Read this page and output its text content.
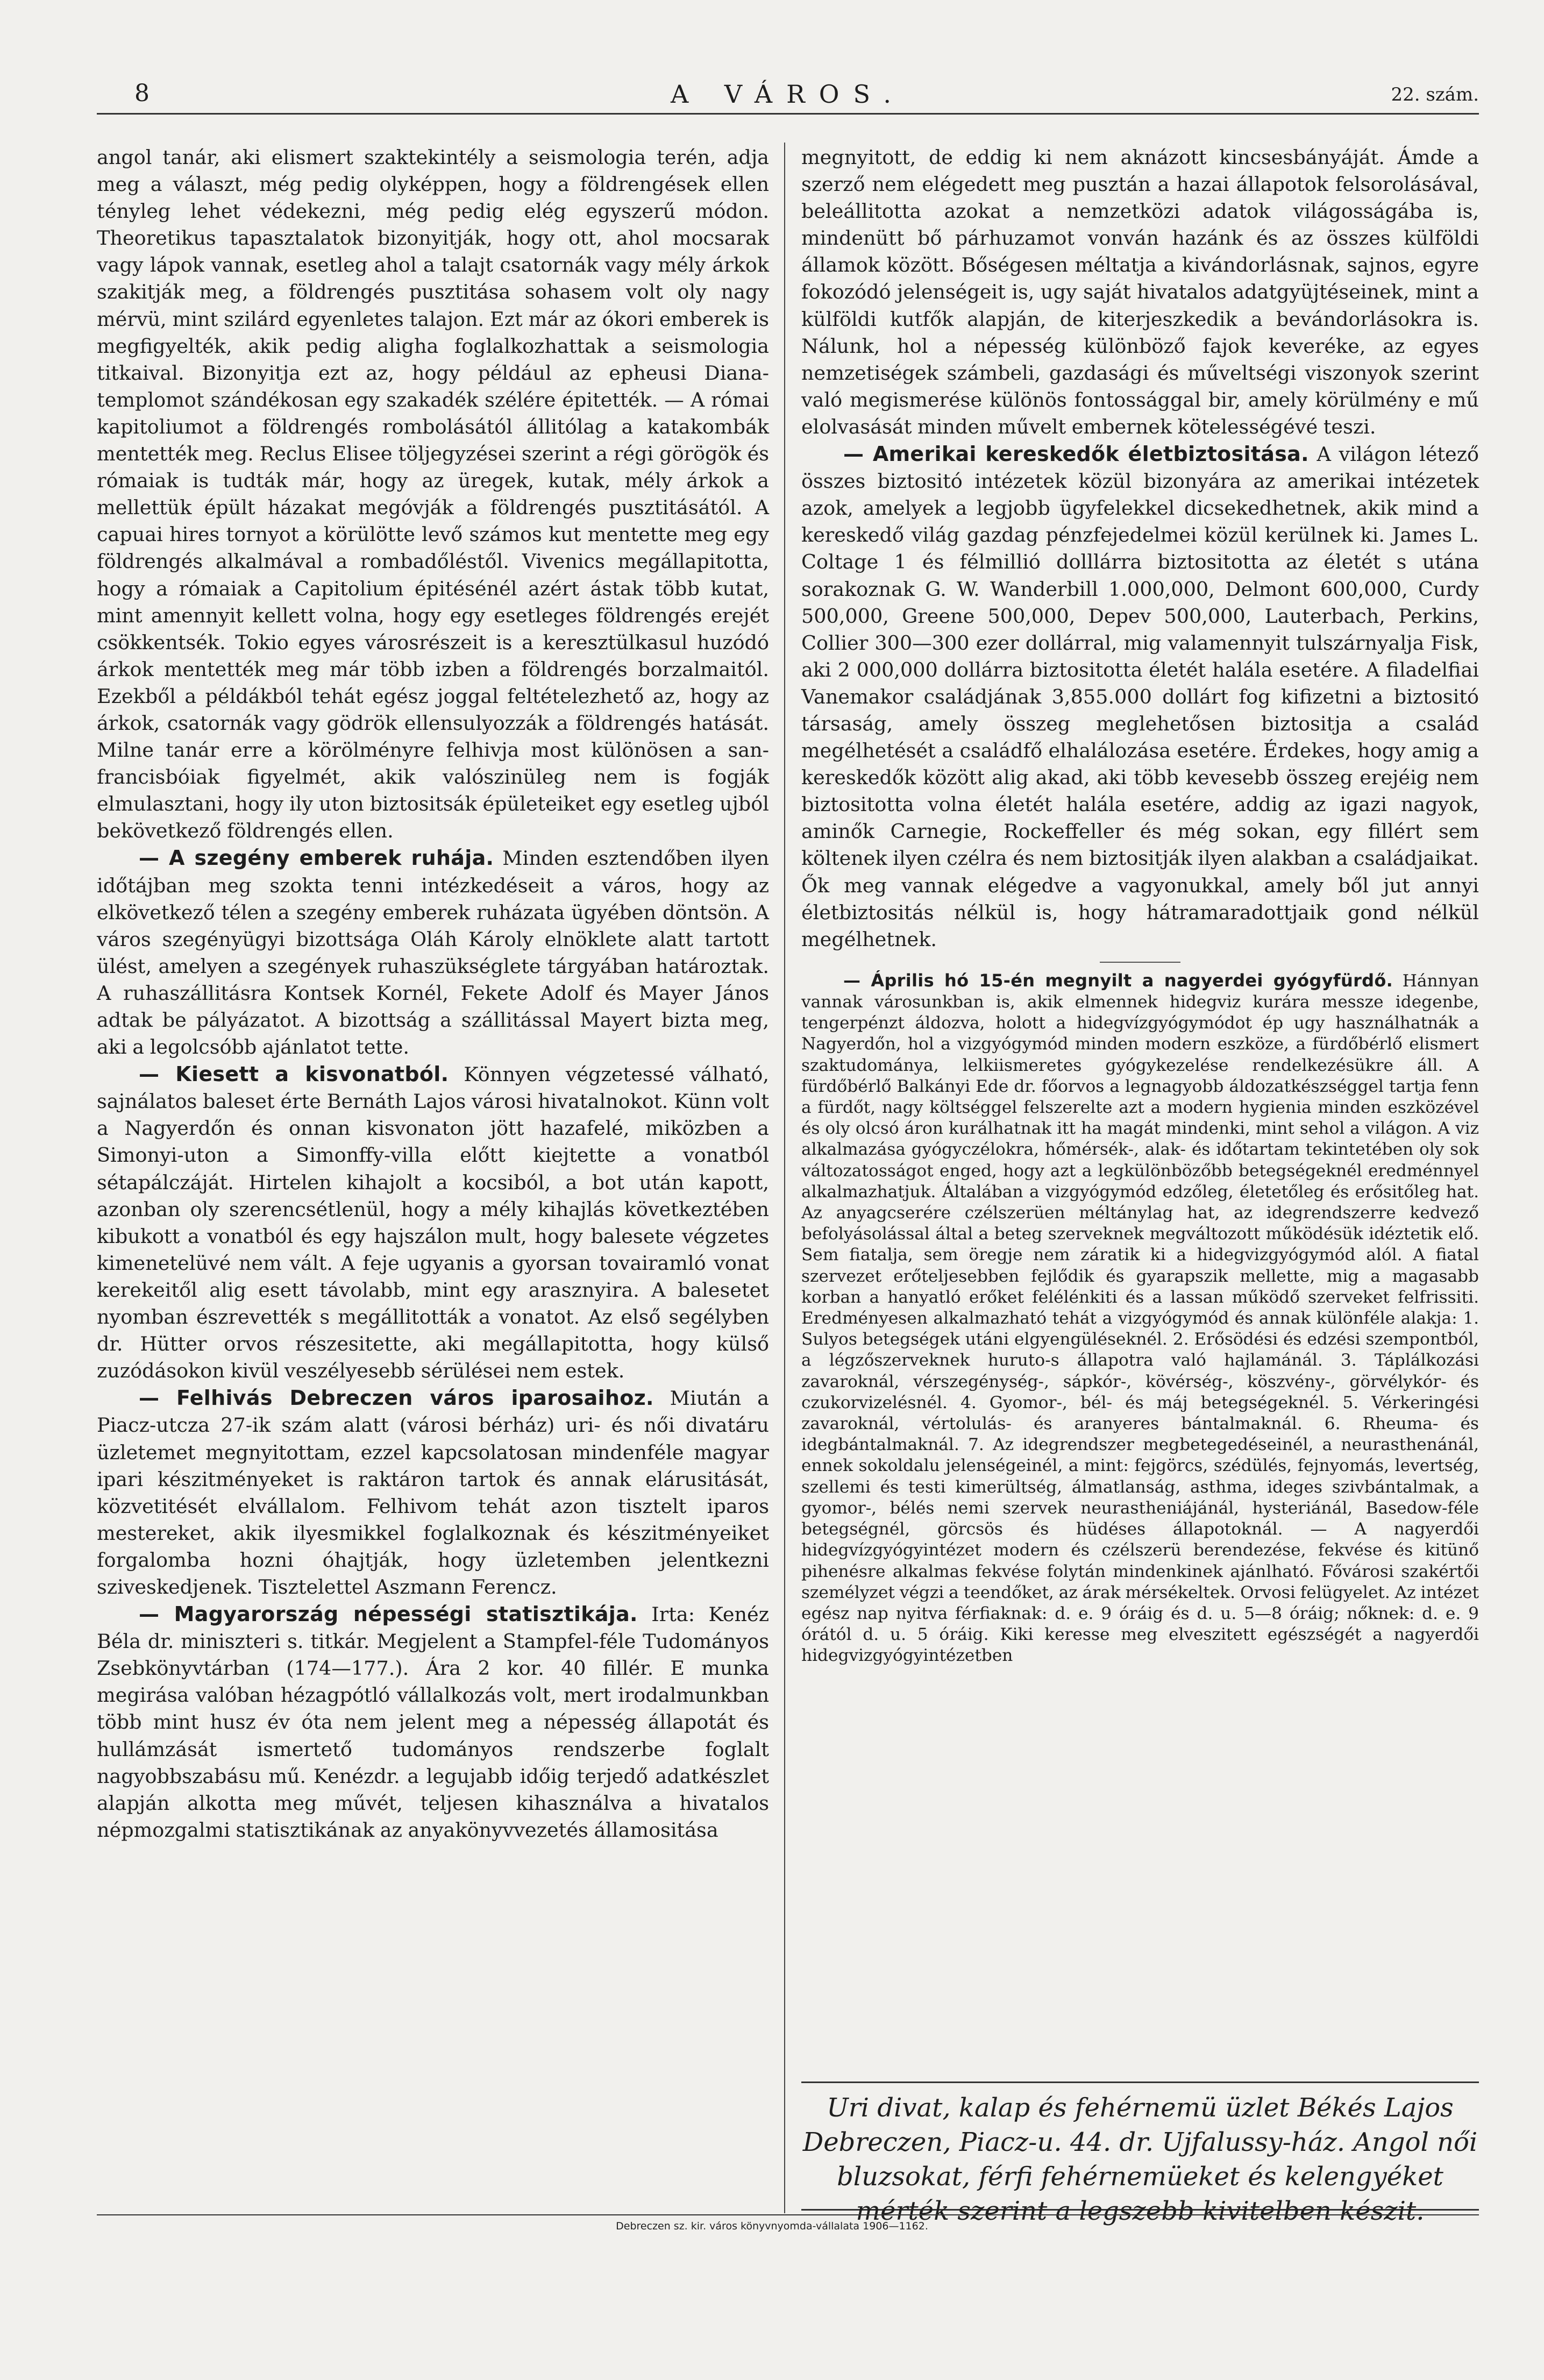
8	A VÁROS.	22. szám.

angol tanár, aki elismert szaktekintély a seismologia terén, adja meg a választ, még pedig olyképpen, hogy a földrengések ellen tényleg lehet védekezni, még pedig elég egyszerű módon. Theoretikus tapasztalatok bizonyitják, hogy ott, ahol mocsarak vagy lápok vannak, esetleg ahol a talajt csatornák vagy mély árkok szakitják meg, a földrengés pusztitása sohasem volt oly nagy mérvü, mint szilárd egyenletes talajon. Ezt már az ókori emberek is megfigyelték, akik pedig aligha foglalkozhattak a seismologia titkaival. Bizonyitja ezt az, hogy például az epheusi Diana-templomot szándékosan egy szakadék szélére épitették. — A római kapitoliumot a földrengés rombolásától állitólag a katakombák mentették meg. Reclus Elisee töljegyzései szerint a régi görögök és rómaiak is tudták már, hogy az üregek, kutak, mély árkok a mellettük épült házakat megóvják a földrengés pusztitásától. A capuai hires tornyot a körülötte levő számos kut mentette meg egy földrengés alkalmával a rombadőléstől. Vivenics megállapitotta, hogy a rómaiak a Capitolium épitésénél azért ástak több kutat, mint amennyit kellett volna, hogy egy esetleges földrengés erejét csökkentsék. Tokio egyes városrészeit is a keresztülkasul huzódó árkok mentették meg már több izben a földrengés borzalmaitól. Ezekből a példákból tehát egész joggal feltételezhető az, hogy az árkok, csatornák vagy gödrök ellensulyozzák a földrengés hatását. Milne tanár erre a körölményre felhivja most különösen a san-francisbóiak figyelmét, akik valószinüleg nem is fogják elmulasztani, hogy ily uton biztositsák épületeiket egy esetleg ujból bekövetkező földrengés ellen.

— A szegény emberek ruhája. Minden esztendőben ilyen időtájban meg szokta tenni intézkedéseit a város, hogy az elkövetkező télen a szegény emberek ruházata ügyében döntsön. A város szegényügyi bizottsága Oláh Károly elnöklete alatt tartott ülést, amelyen a szegények ruhaszükséglete tárgyában határoztak. A ruhaszállitásra Kontsek Kornél, Fekete Adolf és Mayer János adtak be pályázatot. A bizottság a szállitással Mayert bizta meg, aki a legolcsóbb ajánlatot tette.

— Kiesett a kisvonatból. Könnyen végzetessé válható, sajnálatos baleset érte Bernáth Lajos városi hivatalnokot. Künn volt a Nagyerdőn és onnan kisvonaton jött hazafelé, miközben a Simonyi-uton a Simonffy-villa előtt kiejtette a vonatból sétapálczáját. Hirtelen kihajolt a kocsiból, a bot után kapott, azonban oly szerencsétlenül, hogy a mély kihajlás következtében kibukott a vonatból és egy hajszálon mult, hogy balesete végzetes kimenetelüvé nem vált. A feje ugyanis a gyorsan tovairamló vonat kerekeitől alig esett távolabb, mint egy arasznyira. A balesetet nyomban észrevették s megállitották a vonatot. Az első segélyben dr. Hütter orvos részesitette, aki megállapitotta, hogy külső zuzódásokon kivül veszélyesebb sérülései nem estek.

— Felhivás Debreczen város iparosaihoz. Miután a Piacz-utcza 27-ik szám alatt (városi bérház) uri- és női divatáru üzletemet megnyitottam, ezzel kapcsolatosan mindenféle magyar ipari készitményeket is raktáron tartok és annak elárusitását, közvetitését elvállalom. Felhivom tehát azon tisztelt iparos mestereket, akik ilyesmikkel foglalkoznak és készitményeiket forgalomba hozni óhajtják, hogy üzletemben jelentkezni sziveskedjenek. Tisztelettel Aszmann Ferencz.

— Magyarország népességi statisztikája. Irta: Kenéz Béla dr. miniszteri s. titkár. Megjelent a Stampfel-féle Tudományos Zsebkönyvtárban (174—177.). Ára 2 kor. 40 fillér. E munka megirása valóban hézagpótló vállalkozás volt, mert irodalmunkban több mint husz év óta nem jelent meg a népesség állapotát és hullámzását ismertető tudományos rendszerbe foglalt nagyobbszabásu mű. Kenézdr. a legujabb időig terjedő adatkészlet alapján alkotta meg művét, teljesen kihasználva a hivatalos népmozgalmi statisztikának az anyakönyvvezetés államositása

megnyitott, de eddig ki nem aknázott kincsesbányáját. Ámde a szerző nem elégedett meg pusztán a hazai állapotok felsorolásával, beleállitotta azokat a nemzetközi adatok világosságába is, mindenütt bő párhuzamot vonván hazánk és az összes külföldi államok között. Bőségesen méltatja a kivándorlásnak, sajnos, egyre fokozódó jelenségeit is, ugy saját hivatalos adatgyüjtéseinek, mint a külföldi kutfők alapján, de kiterjeszkedik a bevándorlásokra is. Nálunk, hol a népesség különböző fajok keveréke, az egyes nemzetiségek számbeli, gazdasági és műveltségi viszonyok szerint való megismerése különös fontossággal bir, amely körülmény e mű elolvasását minden művelt embernek kötelességévé teszi.

— Amerikai kereskedők életbiztositása. A világon létező összes biztositó intézetek közül bizonyára az amerikai intézetek azok, amelyek a legjobb ügyfelekkel dicsekedhetnek, akik mind a kereskedő világ gazdag pénzfejedelmei közül kerülnek ki. James L. Coltage 1 és félmillió dolllárra biztositotta az életét s utána sorakoznak G. W. Wanderbill 1.000,000, Delmont 600,000, Curdy 500,000, Greene 500,000, Depev 500,000, Lauterbach, Perkins, Collier 300—300 ezer dollárral, mig valamennyit tulszárnyalja Fisk, aki 2 000,000 dollárra biztositotta életét halála esetére. A filadelfiai Vanemakor családjának 3,855.000 dollárt fog kifizetni a biztositó társaság, amely összeg meglehetősen biztositja a család megélhetését a családfő elhalálozása esetére. Érdekes, hogy amig a kereskedők között alig akad, aki több kevesebb összeg erejéig nem biztositotta volna életét halála esetére, addig az igazi nagyok, aminők Carnegie, Rockeffeller és még sokan, egy fillért sem költenek ilyen czélra és nem biztositják ilyen alakban a családjaikat. Ők meg vannak elégedve a vagyonukkal, amely ből jut annyi életbiztositás nélkül is, hogy hátramaradottjaik gond nélkül megélhetnek.

— Április hó 15-én megnyilt a nagyerdei gyógyfürdő. Hánnyan vannak városunkban is, akik elmennek hidegviz kurára messze idegenbe, tengerpénzt áldozva, holott a hidegvízgyógymódot ép ugy használhatnák a Nagyerdőn, hol a vizgyógymód minden modern eszköze, a fürdőbérlő elismert szaktudománya, lelkiismeretes gyógykezelése rendelkezésükre áll. A fürdőbérlő Balkányi Ede dr. főorvos a legnagyobb áldozatkészséggel tartja fenn a fürdőt, nagy költséggel felszerelte azt a modern hygienia minden eszközével és oly olcsó áron kurálhatnak itt ha magát mindenki, mint sehol a világon. A viz alkalmazása gyógyczélokra, hőmérsék-, alak- és időtartam tekintetében oly sok változatosságot enged, hogy azt a legkülönbözőbb betegségeknél eredménnyel alkalmazhatjuk. Általában a vizgyógymód edzőleg, életetőleg és erősitőleg hat. Az anyagcserére czélszerüen méltánylag hat, az idegrendszerre kedvező befolyásolással által a beteg szerveknek megváltozott működésük idéztetik elő. Sem fiatalja, sem öregje nem záratik ki a hidegvizgyógymód alól. A fiatal szervezet erőteljesebben fejlődik és gyarapszik mellette, mig a magasabb korban a hanyatló erőket felélénkiti és a lassan működő szerveket felfrissiti. Eredményesen alkalmazható tehát a vizgyógymód és annak különféle alakja: 1. Sulyos betegségek utáni elgyengüléseknél. 2. Erősödési és edzési szempontból, a légzőszerveknek huruto-s állapotra való hajlamánál. 3. Táplálkozási zavaroknál, vérszegénység-, sápkór-, kövérség-, köszvény-, görvélykór- és czukorvizelésnél. 4. Gyomor-, bél- és máj betegségeknél. 5. Vérkeringési zavaroknál, vértolulás- és aranyeres bántalmaknál. 6. Rheuma- és idegbántalmaknál. 7. Az idegrendszer megbetegedéseinél, a neurasthenánál, ennek sokoldalu jelenségeinél, a mint: fejgörcs, szédülés, fejnyomás, levertség, szellemi és testi kimerültség, álmatlanság, asthma, ideges szivbántalmak, a gyomor-, bélés nemi szervek neurastheniájánál, hysteriánál, Basedow-féle betegségnél, görcsös és hüdéses állapotoknál. — A nagyerdői hidegvízgyógyintézet modern és czélszerü berendezése, fekvése és kitünő pihenésre alkalmas fekvése folytán mindenkinek ajánlható. Fővárosi szakértői személyzet végzi a teendőket, az árak mérsékeltek. Orvosi felügyelet. Az intézet egész nap nyitva férfiaknak: d. e. 9 óráig és d. u. 5—8 óráig; nőknek: d. e. 9 órától d. u. 5 óráig. Kiki keresse meg elveszitett egészségét a nagyerdői hidegvizgyógyintézetben

Uri divat, kalap és fehérnemü üzlet Békés Lajos Debreczen, Piacz-u. 44. dr. Ujfalussy-ház. Angol női bluzsokat, férfi fehérnemüeket és kelengyéket mérték szerint a legszebb kivitelben készit.
Debreczen sz. kir. város könyvnyomda-vállalata 1906—1162.
